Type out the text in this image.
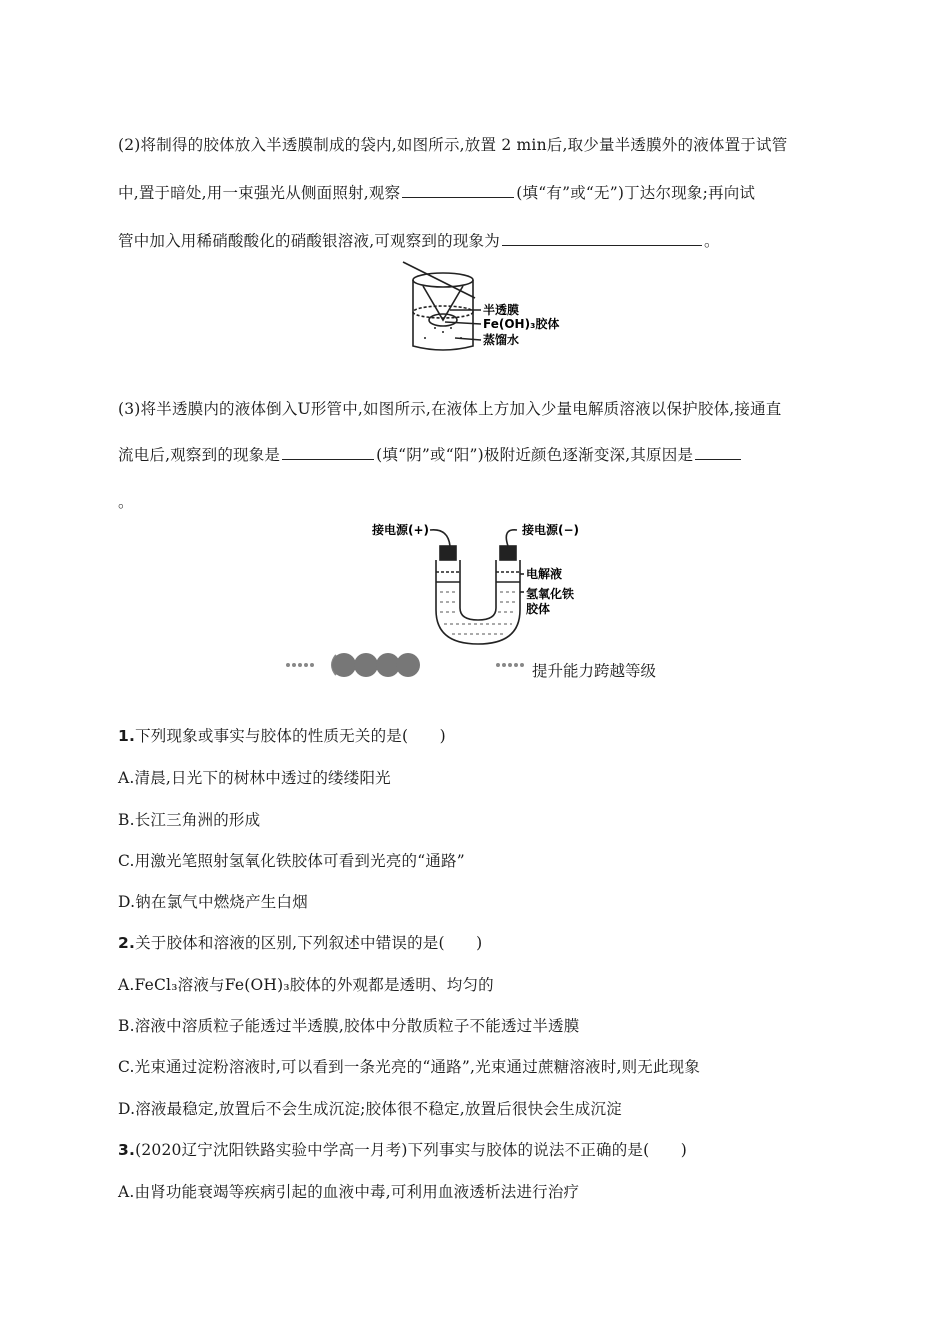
(2)将制得的胶体放入半透膜制成的袋内,如图所示,放置 2 min后,取少量半透膜外的液体置于试管
中,置于暗处,用一束强光从侧面照射,观察	(填“有”或“无”)丁达尔现象;再向试
管中加入用稀硝酸酸化的硝酸银溶液,可观察到的现象为	。
半透膜
Fe(OH)₃胶体
蒸馏水
(3)将半透膜内的液体倒入U形管中,如图所示,在液体上方加入少量电解质溶液以保护胶体,接通直
流电后,观察到的现象是	(填“阴”或“阳”)极附近颜色逐渐变深,其原因是
。
接电源(+)	接电源(−)
电解液
氢氧化铁
胶体
提升能力跨越等级
1.下列现象或事实与胶体的性质无关的是(　　)
A.清晨,日光下的树林中透过的缕缕阳光
B.长江三角洲的形成
C.用激光笔照射氢氧化铁胶体可看到光亮的“通路”
D.钠在氯气中燃烧产生白烟
2.关于胶体和溶液的区别,下列叙述中错误的是(　　)
A.FeCl₃溶液与Fe(OH)₃胶体的外观都是透明、均匀的
B.溶液中溶质粒子能透过半透膜,胶体中分散质粒子不能透过半透膜
C.光束通过淀粉溶液时,可以看到一条光亮的“通路”,光束通过蔗糖溶液时,则无此现象
D.溶液最稳定,放置后不会生成沉淀;胶体很不稳定,放置后很快会生成沉淀
3.(2020辽宁沈阳铁路实验中学高一月考)下列事实与胶体的说法不正确的是(　　)
A.由肾功能衰竭等疾病引起的血液中毒,可利用血液透析法进行治疗
